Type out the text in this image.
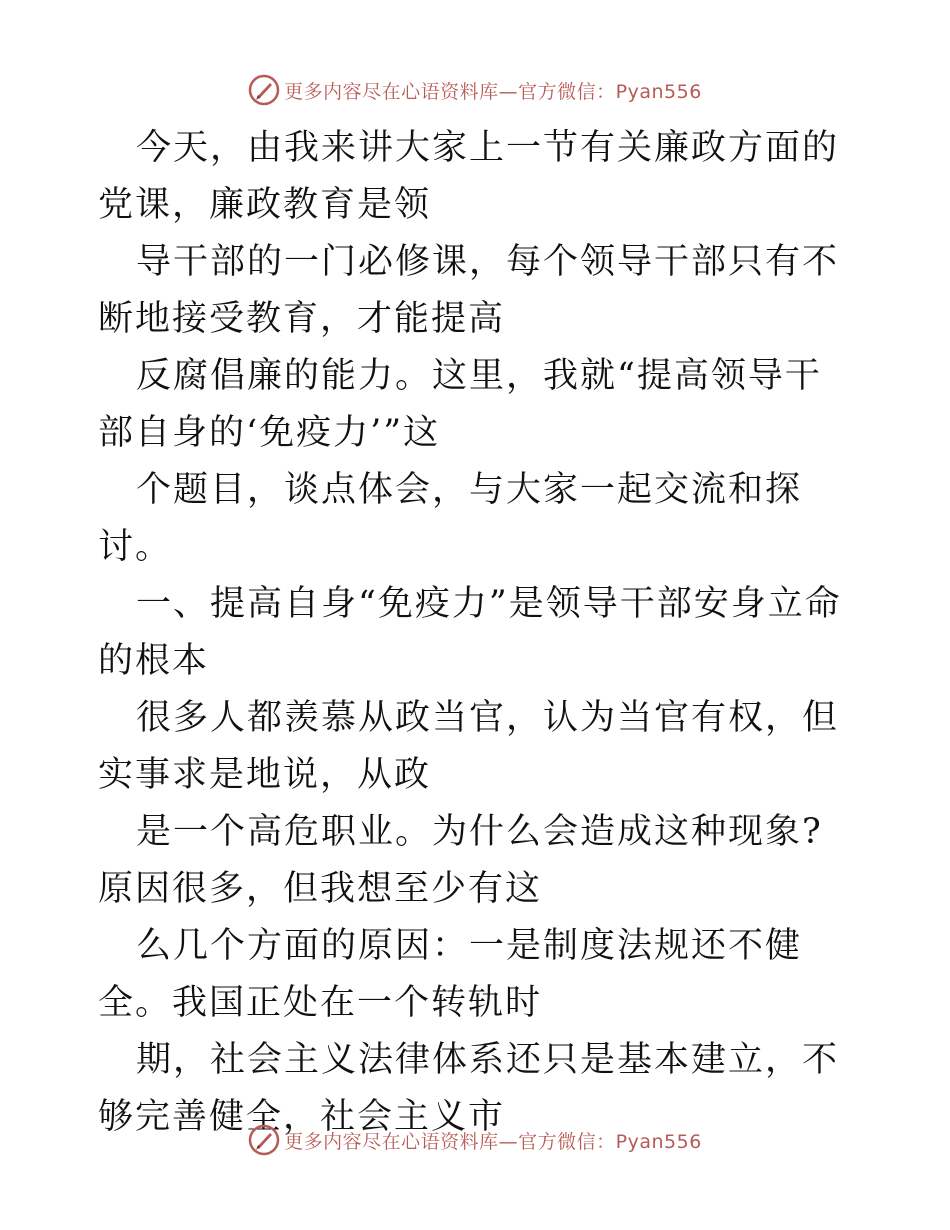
更多内容尽在心语资料库—官方微信：Pyan556

今天，由我来讲大家上一节有关廉政方面的党课，廉政教育是领

导干部的一门必修课，每个领导干部只有不断地接受教育，才能提高

反腐倡廉的能力。这里，我就“提高领导干部自身的‘免疫力’”这

个题目，谈点体会，与大家一起交流和探讨。

一、提高自身“免疫力”是领导干部安身立命的根本

很多人都羡慕从政当官，认为当官有权，但实事求是地说，从政

是一个高危职业。为什么会造成这种现象?原因很多，但我想至少有这

么几个方面的原因：一是制度法规还不健全。我国正处在一个转轨时

期，社会主义法律体系还只是基本建立，不够完善健全，社会主义市

更多内容尽在心语资料库—官方微信：Pyan556
